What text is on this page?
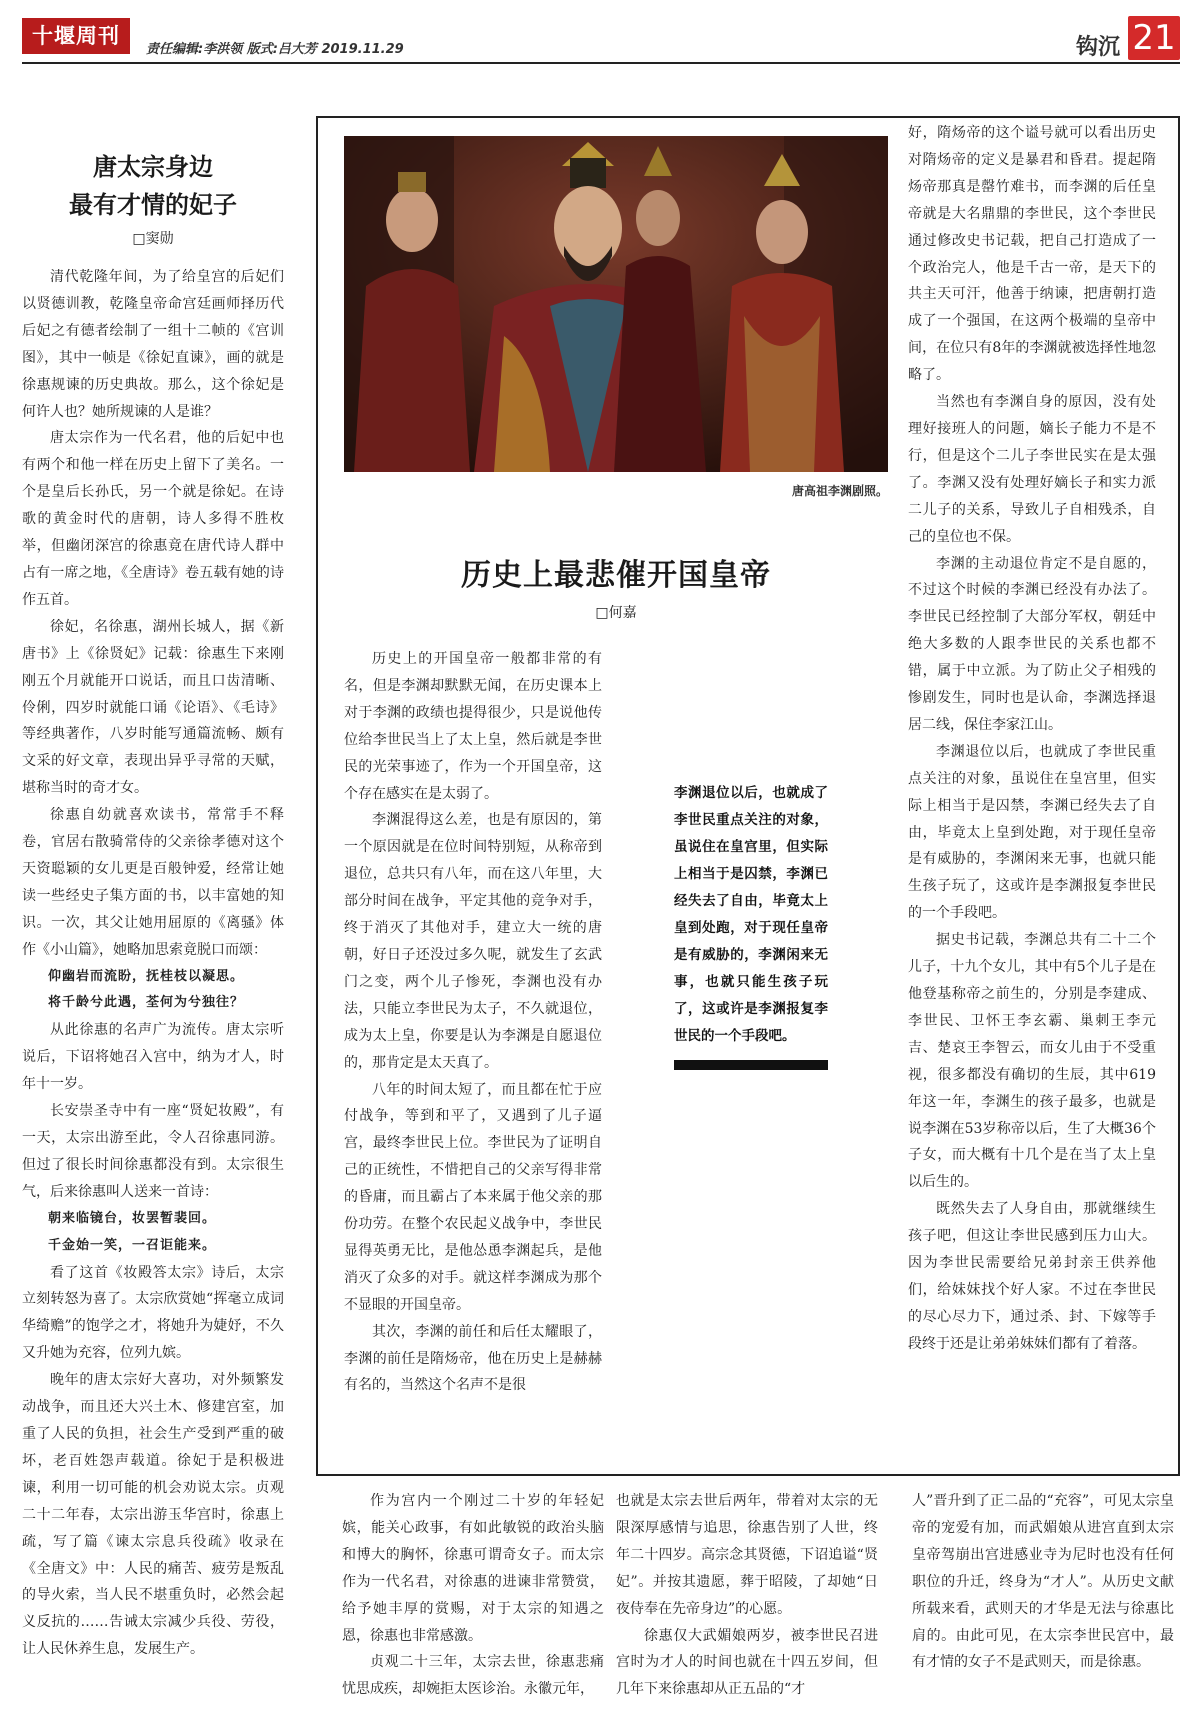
十堰周刊
责任编辑:李洪领 版式:吕大芳 2019.11.29	钩沉 21
唐太宗身边
最有才情的妃子
□窦勋

清代乾隆年间，为了给皇宫的后妃们以贤德训教，乾隆皇帝命宫廷画师择历代后妃之有德者绘制了一组十二帧的《宫训图》，其中一帧是《徐妃直谏》，画的就是徐惠规谏的历史典故。那么，这个徐妃是何许人也？她所规谏的人是谁？

唐太宗作为一代名君，他的后妃中也有两个和他一样在历史上留下了美名。一个是皇后长孙氏，另一个就是徐妃。在诗歌的黄金时代的唐朝，诗人多得不胜枚举，但幽闭深宫的徐惠竟在唐代诗人群中占有一席之地，《全唐诗》卷五载有她的诗作五首。

徐妃，名徐惠，湖州长城人，据《新唐书》上《徐贤妃》记载：徐惠生下来刚刚五个月就能开口说话，而且口齿清晰、伶俐，四岁时就能口诵《论语》、《毛诗》等经典著作，八岁时能写通篇流畅、颇有文采的好文章，表现出异乎寻常的天赋，堪称当时的奇才女。

徐惠自幼就喜欢读书，常常手不释卷，官居右散骑常侍的父亲徐孝德对这个天资聪颖的女儿更是百般钟爱，经常让她读一些经史子集方面的书，以丰富她的知识。一次，其父让她用屈原的《离骚》体作《小山篇》，她略加思索竟脱口而颂：

仰幽岩而流盼，抚桂枝以凝思。
将千龄兮此遇，荃何为兮独往？

从此徐惠的名声广为流传。唐太宗听说后，下诏将她召入宫中，纳为才人，时年十一岁。

长安崇圣寺中有一座“贤妃妆殿”，有一天，太宗出游至此，令人召徐惠同游。但过了很长时间徐惠都没有到。太宗很生气，后来徐惠叫人送来一首诗：

朝来临镜台，妆罢暂裴回。
千金始一笑，一召讵能来。

看了这首《妆殿答太宗》诗后，太宗立刻转怒为喜了。太宗欣赏她“挥毫立成词华绮赡”的饱学之才，将她升为婕妤，不久又升她为充容，位列九嫔。

晚年的唐太宗好大喜功，对外频繁发动战争，而且还大兴土木、修建宫室，加重了人民的负担，社会生产受到严重的破坏，老百姓怨声载道。徐妃于是积极进谏，利用一切可能的机会劝说太宗。贞观二十二年春，太宗出游玉华宫时，徐惠上疏，写了篇《谏太宗息兵役疏》收录在《全唐文》中：人民的痛苦、疲劳是叛乱的导火索，当人民不堪重负时，必然会起义反抗的……告诫太宗减少兵役、劳役，让人民休养生息，发展生产。

唐高祖李渊剧照。
历史上最悲催开国皇帝
□何嘉

历史上的开国皇帝一般都非常的有名，但是李渊却默默无闻，在历史课本上对于李渊的政绩也提得很少，只是说他传位给李世民当上了太上皇，然后就是李世民的光荣事迹了，作为一个开国皇帝，这个存在感实在是太弱了。

李渊混得这么差，也是有原因的，第一个原因就是在位时间特别短，从称帝到退位，总共只有八年，而在这八年里，大部分时间在战争，平定其他的竞争对手，终于消灭了其他对手，建立大一统的唐朝，好日子还没过多久呢，就发生了玄武门之变，两个儿子惨死，李渊也没有办法，只能立李世民为太子，不久就退位，成为太上皇，你要是认为李渊是自愿退位的，那肯定是太天真了。

八年的时间太短了，而且都在忙于应付战争，等到和平了，又遇到了儿子逼宫，最终李世民上位。李世民为了证明自己的正统性，不惜把自己的父亲写得非常的昏庸，而且霸占了本来属于他父亲的那份功劳。在整个农民起义战争中，李世民显得英勇无比，是他怂恿李渊起兵，是他消灭了众多的对手。就这样李渊成为那个不显眼的开国皇帝。

其次，李渊的前任和后任太耀眼了，李渊的前任是隋炀帝，他在历史上是赫赫有名的，当然这个名声不是很

李渊退位以后，也就成了李世民重点关注的对象，虽说住在皇宫里，但实际上相当于是囚禁，李渊已经失去了自由，毕竟太上皇到处跑，对于现任皇帝是有威胁的，李渊闲来无事，也就只能生孩子玩了，这或许是李渊报复李世民的一个手段吧。

好，隋炀帝的这个谥号就可以看出历史对隋炀帝的定义是暴君和昏君。提起隋炀帝那真是罄竹难书，而李渊的后任皇帝就是大名鼎鼎的李世民，这个李世民通过修改史书记载，把自己打造成了一个政治完人，他是千古一帝，是天下的共主天可汗，他善于纳谏，把唐朝打造成了一个强国，在这两个极端的皇帝中间，在位只有8年的李渊就被选择性地忽略了。

当然也有李渊自身的原因，没有处理好接班人的问题，嫡长子能力不是不行，但是这个二儿子李世民实在是太强了。李渊又没有处理好嫡长子和实力派二儿子的关系，导致儿子自相残杀，自己的皇位也不保。

李渊的主动退位肯定不是自愿的，不过这个时候的李渊已经没有办法了。李世民已经控制了大部分军权，朝廷中绝大多数的人跟李世民的关系也都不错，属于中立派。为了防止父子相残的惨剧发生，同时也是认命，李渊选择退居二线，保住李家江山。

李渊退位以后，也就成了李世民重点关注的对象，虽说住在皇宫里，但实际上相当于是囚禁，李渊已经失去了自由，毕竟太上皇到处跑，对于现任皇帝是有威胁的，李渊闲来无事，也就只能生孩子玩了，这或许是李渊报复李世民的一个手段吧。

据史书记载，李渊总共有二十二个儿子，十九个女儿，其中有5个儿子是在他登基称帝之前生的，分别是李建成、李世民、卫怀王李玄霸、巢刺王李元吉、楚哀王李智云，而女儿由于不受重视，很多都没有确切的生辰，其中619年这一年，李渊生的孩子最多，也就是说李渊在53岁称帝以后，生了大概36个子女，而大概有十几个是在当了太上皇以后生的。

既然失去了人身自由，那就继续生孩子吧，但这让李世民感到压力山大。因为李世民需要给兄弟封亲王供养他们，给妹妹找个好人家。不过在李世民的尽心尽力下，通过杀、封、下嫁等手段终于还是让弟弟妹妹们都有了着落。

作为宫内一个刚过二十岁的年轻妃嫔，能关心政事，有如此敏锐的政治头脑和博大的胸怀，徐惠可谓奇女子。而太宗作为一代名君，对徐惠的进谏非常赞赏，给予她丰厚的赏赐，对于太宗的知遇之恩，徐惠也非常感激。

贞观二十三年，太宗去世，徐惠悲痛忧思成疾，却婉拒太医诊治。永徽元年，

也就是太宗去世后两年，带着对太宗的无限深厚感情与追思，徐惠告别了人世，终年二十四岁。高宗念其贤德，下诏追谥“贤妃”。并按其遗愿，葬于昭陵，了却她“日夜侍奉在先帝身边”的心愿。

徐惠仅大武媚娘两岁，被李世民召进宫时为才人的时间也就在十四五岁间，但几年下来徐惠却从正五品的“才

人”晋升到了正二品的“充容”，可见太宗皇帝的宠爱有加，而武媚娘从进宫直到太宗皇帝驾崩出宫进感业寺为尼时也没有任何职位的升迁，终身为“才人”。从历史文献所载来看，武则天的才华是无法与徐惠比肩的。由此可见，在太宗李世民宫中，最有才情的女子不是武则天，而是徐惠。
